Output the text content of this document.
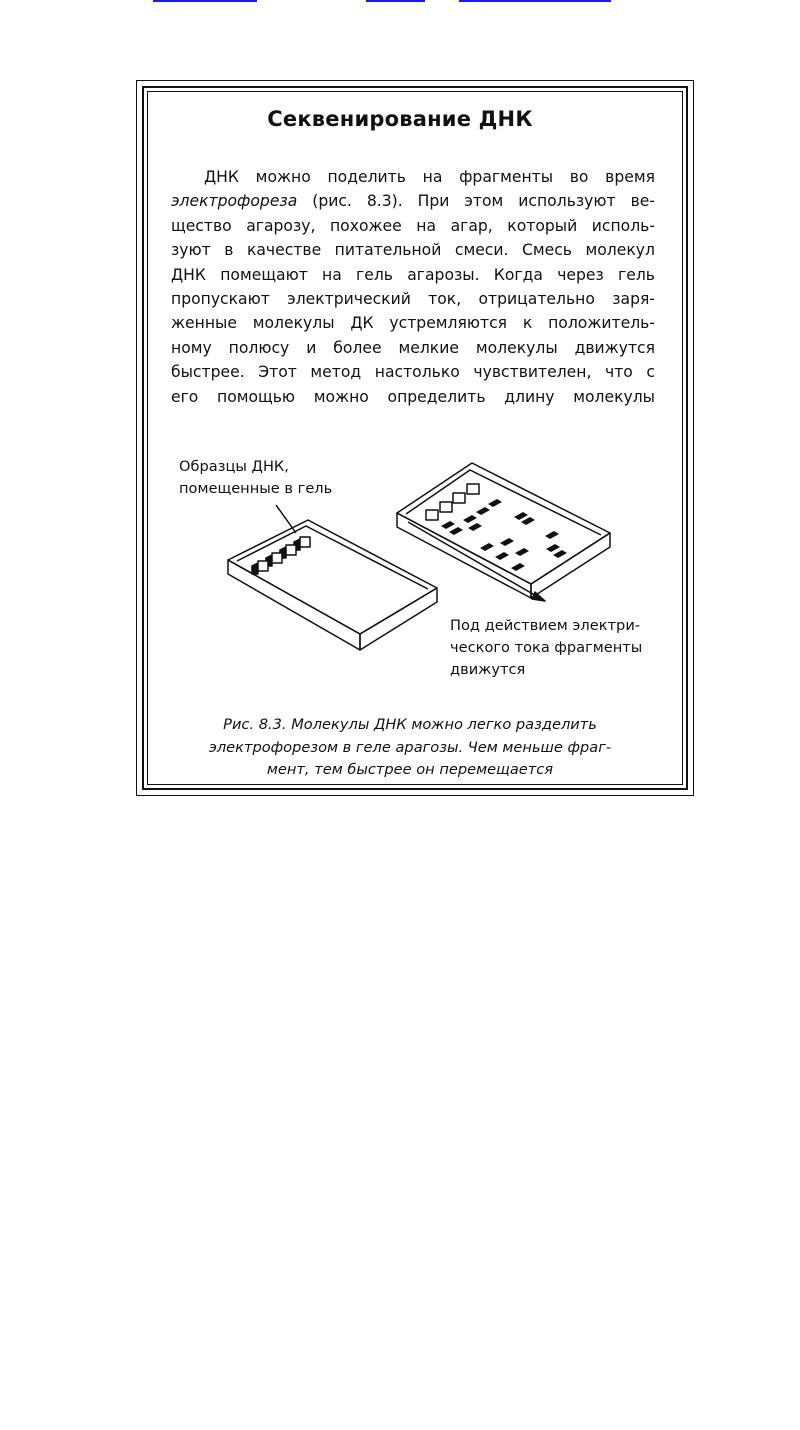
Секвенирование ДНК
ДНК можно поделить на фрагменты во время
электрофореза (рис. 8.3). При этом используют ве-
щество агарозу, похожее на агар, который исполь-
зуют в качестве питательной смеси. Смесь молекул
ДНК помещают на гель агарозы. Когда через гель
пропускают электрический ток, отрицательно заря-
женные молекулы ДК устремляются к положитель-
ному полюсу и более мелкие молекулы движутся
быстрее. Этот метод настолько чувствителен, что с
его помощью можно определить длину молекулы
Образцы ДНК,
помещенные в гель
Под действием электри-
ческого тока фрагменты
движутся
Рис. 8.3. Молекулы ДНК можно легко разделить
электрофорезом в геле арагозы. Чем меньше фраг-
мент, тем быстрее он перемещается
